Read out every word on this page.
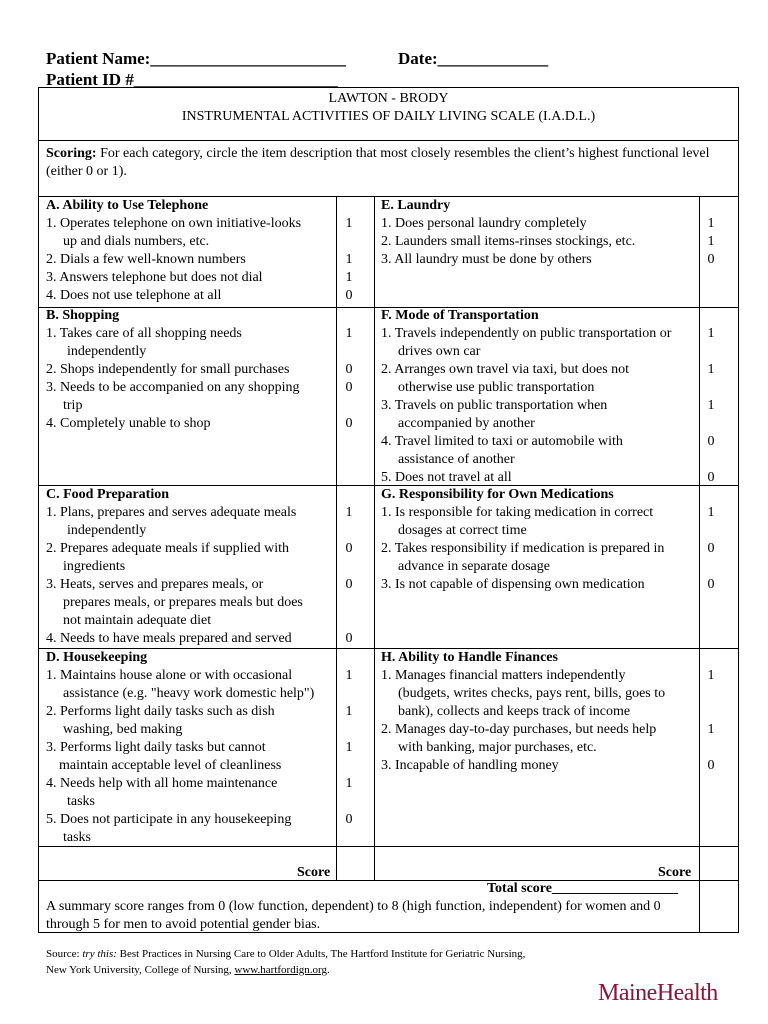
Patient Name:_______________________	Date:_____________
Patient ID #________________________
LAWTON - BRODY
INSTRUMENTAL ACTIVITIES OF DAILY LIVING SCALE (I.A.D.L.)
Scoring: For each category, circle the item description that most closely resembles the client’s highest functional level (either 0 or 1).
A. Ability to Use Telephone
1. Operates telephone on own initiative-looks
up and dials numbers, etc.
1
2. Dials a few well-known numbers	1
3. Answers telephone but does not dial	1
4. Does not use telephone at all	0
B. Shopping
1. Takes care of all shopping needs
independently
1
2. Shops independently for small purchases	0
3. Needs to be accompanied on any shopping
trip
0
4. Completely unable to shop	0
C. Food Preparation
1. Plans, prepares and serves adequate meals
independently
1
2. Prepares adequate meals if supplied with
ingredients
0
3. Heats, serves and prepares meals, or
prepares meals, or prepares meals but does
not maintain adequate diet
0
4. Needs to have meals prepared and served	0
D. Housekeeping
1. Maintains house alone or with occasional
assistance (e.g. "heavy work domestic help")
1
2. Performs light daily tasks such as dish
washing, bed making
1
3. Performs light daily tasks but cannot
maintain acceptable level of cleanliness
1
4. Needs help with all home maintenance
tasks
1
5. Does not participate in any housekeeping
tasks
0
Score
E. Laundry
1. Does personal laundry completely	1
2. Launders small items-rinses stockings, etc.	1
3. All laundry must be done by others	0
F. Mode of Transportation
1. Travels independently on public transportation or
drives own car
1
2. Arranges own travel via taxi, but does not
otherwise use public transportation
1
3. Travels on public transportation when
accompanied by another
1
4. Travel limited to taxi or automobile with
assistance of another
0
5. Does not travel at all	0
G. Responsibility for Own Medications
1. Is responsible for taking medication in correct
dosages at correct time
1
2. Takes responsibility if medication is prepared in
advance in separate dosage
0
3. Is not capable of dispensing own medication	0
H. Ability to Handle Finances
1. Manages financial matters independently
(budgets, writes checks, pays rent, bills, goes to
bank), collects and keeps track of income
1
2. Manages day-to-day purchases, but needs help
with banking, major purchases, etc.
1
3. Incapable of handling money	0
Score
Total score__________________
A summary score ranges from 0 (low function, dependent) to 8 (high function, independent) for women and 0 through 5 for men to avoid potential gender bias.
Source: try this: Best Practices in Nursing Care to Older Adults, The Hartford Institute for Geriatric Nursing,
New York University, College of Nursing, www.hartfordign.org.
MaineHealth
